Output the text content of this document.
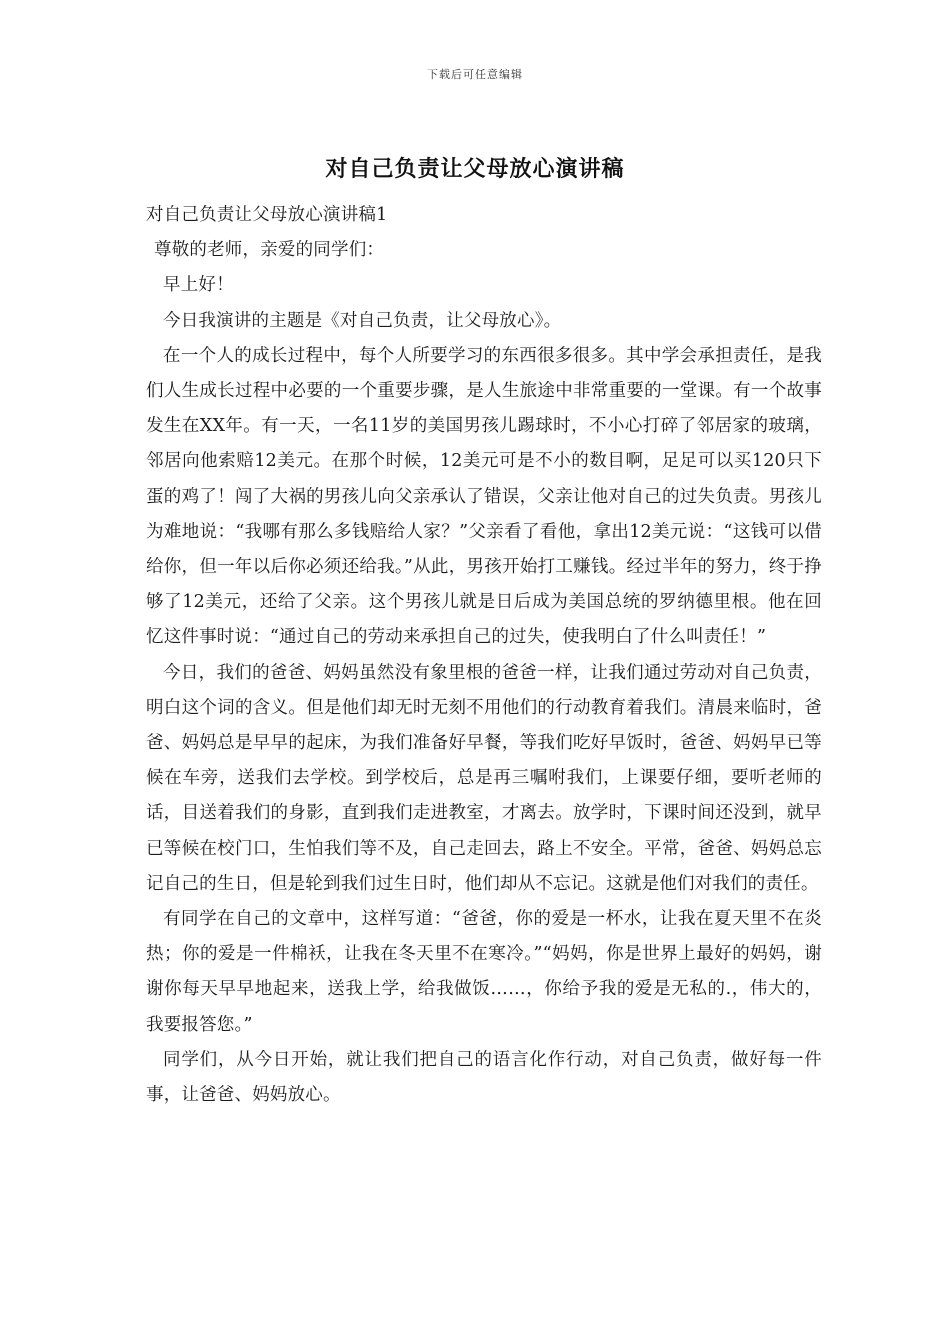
下载后可任意编辑
对自己负责让父母放心演讲稿

对自己负责让父母放心演讲稿1

尊敬的老师，亲爱的同学们：

早上好！

今日我演讲的主题是《对自己负责，让父母放心》。

在一个人的成长过程中，每个人所要学习的东西很多很多。其中学会承担责任，是我们人生成长过程中必要的一个重要步骤，是人生旅途中非常重要的一堂课。有一个故事发生在XX年。有一天，一名11岁的美国男孩儿踢球时，不小心打碎了邻居家的玻璃，邻居向他索赔12美元。在那个时候，12美元可是不小的数目啊，足足可以买120只下蛋的鸡了！闯了大祸的男孩儿向父亲承认了错误，父亲让他对自己的过失负责。男孩儿为难地说：“我哪有那么多钱赔给人家？”父亲看了看他，拿出12美元说：“这钱可以借给你，但一年以后你必须还给我。”从此，男孩开始打工赚钱。经过半年的努力，终于挣够了12美元，还给了父亲。这个男孩儿就是日后成为美国总统的罗纳德里根。他在回忆这件事时说：“通过自己的劳动来承担自己的过失，使我明白了什么叫责任！”

今日，我们的爸爸、妈妈虽然没有象里根的爸爸一样，让我们通过劳动对自己负责，明白这个词的含义。但是他们却无时无刻不用他们的行动教育着我们。清晨来临时，爸爸、妈妈总是早早的起床，为我们准备好早餐，等我们吃好早饭时，爸爸、妈妈早已等候在车旁，送我们去学校。到学校后，总是再三嘱咐我们，上课要仔细，要听老师的话，目送着我们的身影，直到我们走进教室，才离去。放学时，下课时间还没到，就早已等候在校门口，生怕我们等不及，自己走回去，路上不安全。平常，爸爸、妈妈总忘记自己的生日，但是轮到我们过生日时，他们却从不忘记。这就是他们对我们的责任。

有同学在自己的文章中，这样写道：“爸爸，你的爱是一杯水，让我在夏天里不在炎热；你的爱是一件棉袄，让我在冬天里不在寒冷。”“妈妈，你是世界上最好的妈妈，谢谢你每天早早地起来，送我上学，给我做饭……，你给予我的爱是无私的.，伟大的，我要报答您。”

同学们，从今日开始，就让我们把自己的语言化作行动，对自己负责，做好每一件事，让爸爸、妈妈放心。
